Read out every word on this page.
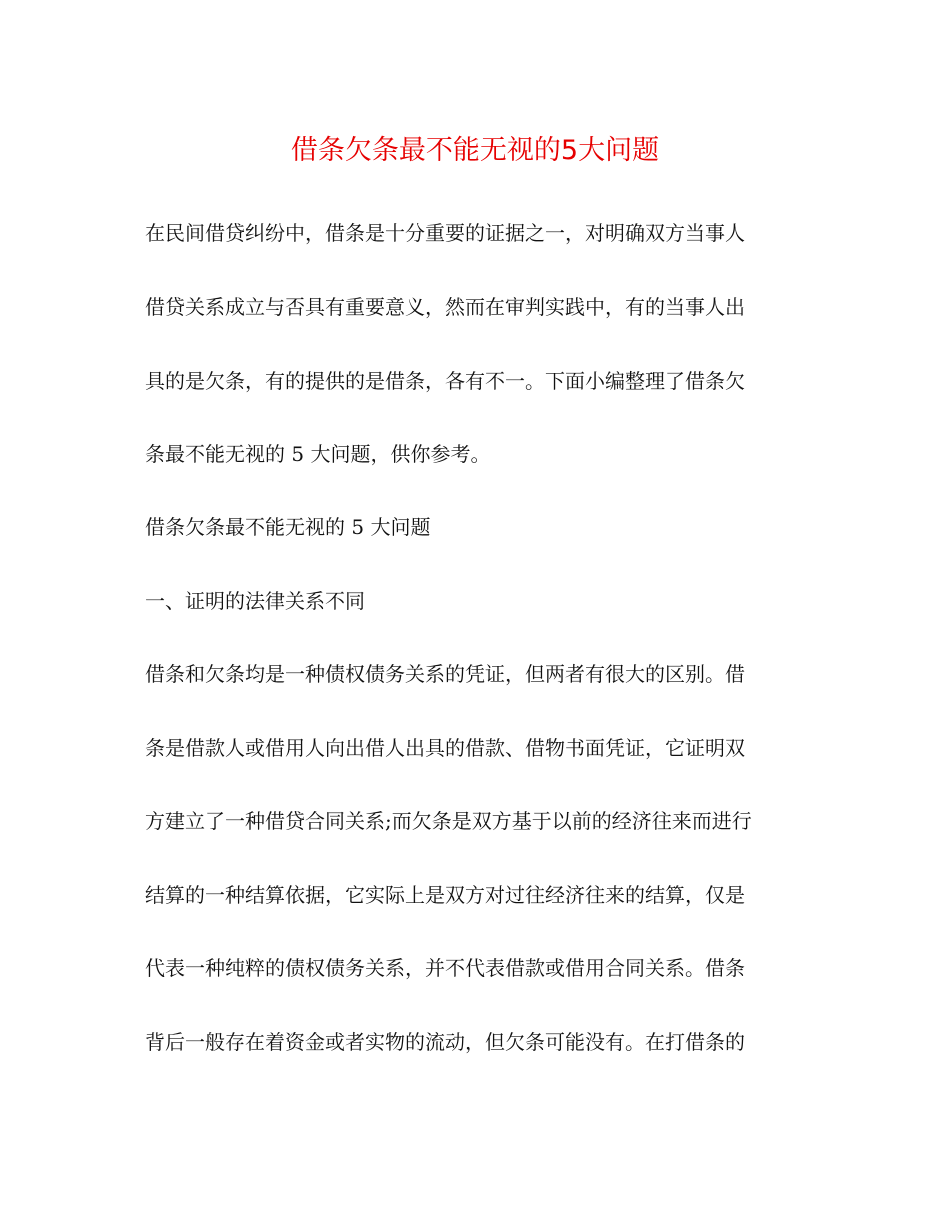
借条欠条最不能无视的5大问题
在民间借贷纠纷中，借条是十分重要的证据之一，对明确双方当事人
借贷关系成立与否具有重要意义，然而在审判实践中，有的当事人出
具的是欠条，有的提供的是借条，各有不一。下面小编整理了借条欠
条最不能无视的 5 大问题，供你参考。
借条欠条最不能无视的 5 大问题
一、证明的法律关系不同
借条和欠条均是一种债权债务关系的凭证，但两者有很大的区别。借
条是借款人或借用人向出借人出具的借款、借物书面凭证，它证明双
方建立了一种借贷合同关系;而欠条是双方基于以前的经济往来而进行
结算的一种结算依据，它实际上是双方对过往经济往来的结算，仅是
代表一种纯粹的债权债务关系，并不代表借款或借用合同关系。借条
背后一般存在着资金或者实物的流动，但欠条可能没有。在打借条的
